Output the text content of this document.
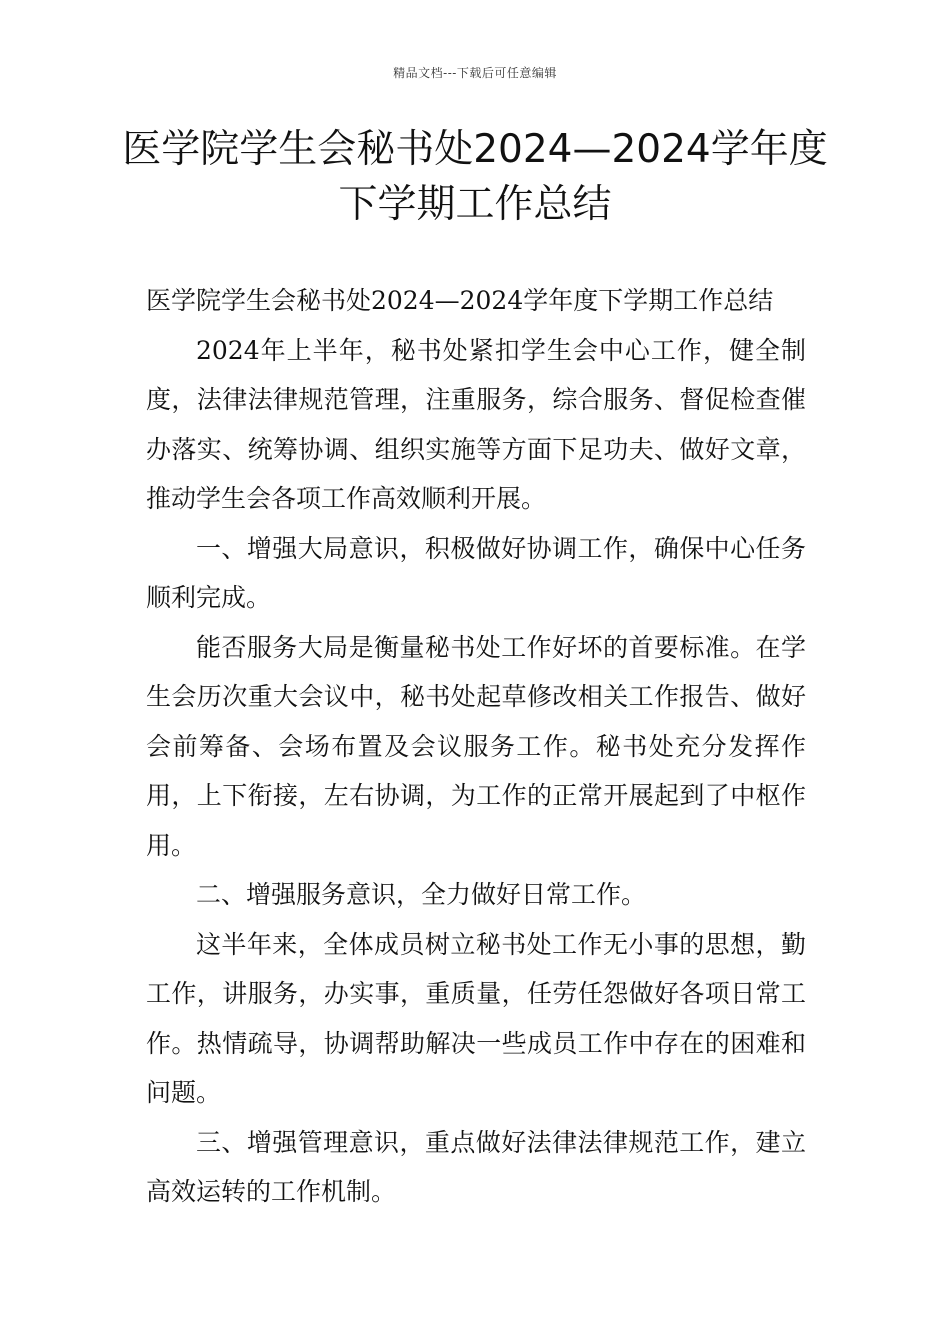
精品文档---下载后可任意编辑
医学院学生会秘书处2024—2024学年度下学期工作总结

医学院学生会秘书处2024—2024学年度下学期工作总结

2024年上半年，秘书处紧扣学生会中心工作，健全制度，法律法律规范管理，注重服务，综合服务、督促检查催办落实、统筹协调、组织实施等方面下足功夫、做好文章，推动学生会各项工作高效顺利开展。

一、增强大局意识，积极做好协调工作，确保中心任务顺利完成。

能否服务大局是衡量秘书处工作好坏的首要标准。在学生会历次重大会议中，秘书处起草修改相关工作报告、做好会前筹备、会场布置及会议服务工作。秘书处充分发挥作用，上下衔接，左右协调，为工作的正常开展起到了中枢作用。

二、增强服务意识，全力做好日常工作。

这半年来，全体成员树立秘书处工作无小事的思想，勤工作，讲服务，办实事，重质量，任劳任怨做好各项日常工作。热情疏导，协调帮助解决一些成员工作中存在的困难和问题。

三、增强管理意识，重点做好法律法律规范工作，建立高效运转的工作机制。
